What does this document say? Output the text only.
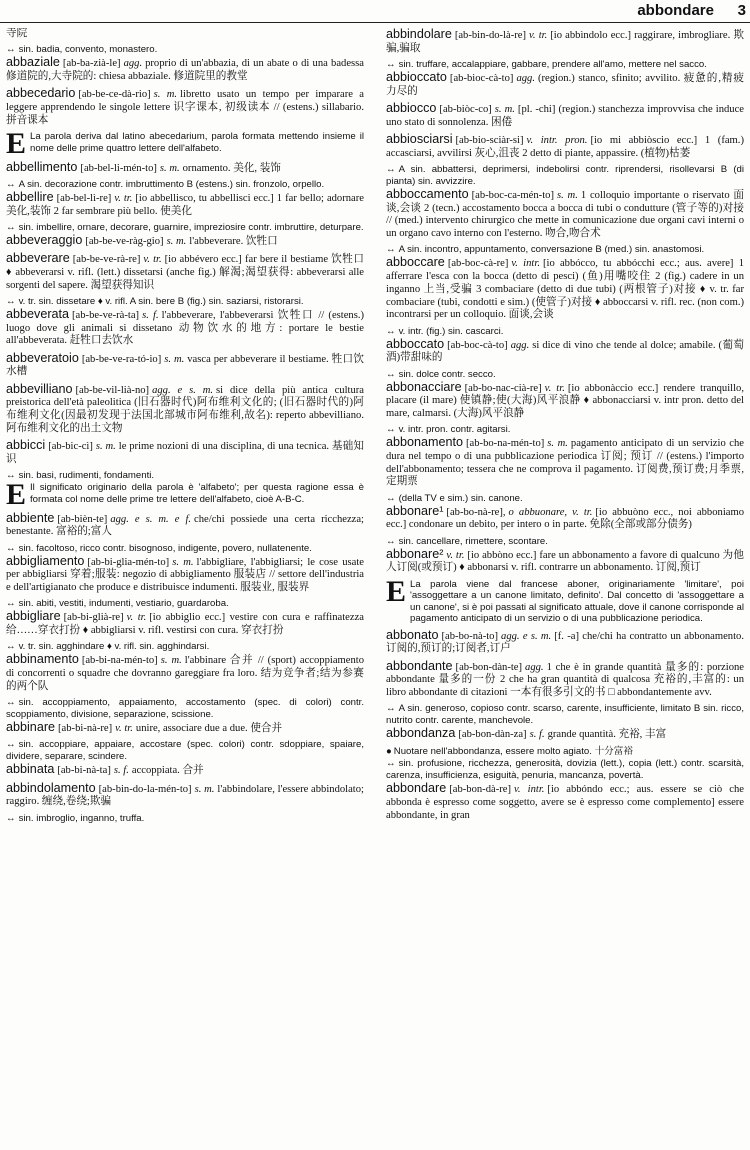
abbondare 3
寺院
↔ sin. badia, convento, monastero.
abbaziale [ab-ba-zià-le] agg. proprio di un'abbazia, di un abate o di una badessa 修道院的,大寺院的: chiesa abbaziale. 修道院里的教堂
abbecedario [ab-be-ce-dà-rio] s. m. libretto usato un tempo per imparare a leggere apprendendo le singole lettere 识字课本, 初级读本 // (estens.) sillabario. 拼音课本
E La parola deriva dal latino abecedarium, parola formata mettendo insieme il nome delle prime quattro lettere dell'alfabeto.
abbellimento [ab-bel-li-mén-to] s. m. ornamento. 美化, 装饰
↔ A sin. decorazione contr. imbruttimento B (estens.) sin. fronzolo, orpello.
abbellire [ab-bel-lì-re] v. tr. [io abbellisco, tu abbellisci ecc.] 1 far bello; adornare 美化,装饰 2 far sembrare più bello. 使美化
↔ sin. imbellire, ornare, decorare, guarnire, impreziosire contr. imbruttire, deturpare.
abbeveraggio [ab-be-ve-ràg-gio] s. m. l'abbeverare. 饮牲口
abbeverare [ab-be-ve-rà-re] v. tr. [io abbévero ecc.] far bere il bestiame 饮牲口 ♦ abbeverarsi v. rifl. (lett.) dissetarsi (anche fig.) 解渴;渴望获得: abbeverarsi alle sorgenti del sapere. 渴望获得知识
↔ v. tr. sin. dissetare ♦ v. rifl. A sin. bere B (fig.) sin. saziarsi, ristorarsi.
abbeverata [ab-be-ve-rà-ta] s. f. l'abbeverare, l'abbeverarsi 饮牲口 // (estens.) luogo dove gli animali si dissetano 动物饮水的地方: portare le bestie all'abbeverata. 赶牲口去饮水
abbeveratoio [ab-be-ve-ra-tó-io] s. m. vasca per abbeverare il bestiame. 牲口饮水槽
abbevilliano [ab-be-vil-lià-no] agg. e s. m. si dice della più antica cultura preistorica dell'età paleolitica (旧石器时代)阿布维利文化的; (旧石器时代的)阿布维利文化(因最初发现于法国北部城市阿布维利,故名): reperto abbevilliano. 阿布维利文化的出土文物
abbicci [ab-bic-cì] s. m. le prime nozioni di una disciplina, di una tecnica. 基础知识
↔ sin. basi, rudimenti, fondamenti.
E Il significato originario della parola è 'alfabeto'; per questa ragione essa è formata col nome delle prime tre lettere dell'alfabeto, cioè A-B-C.
abbiente [ab-bièn-te] agg. e s. m. e f. che/chi possiede una certa ricchezza; benestante. 富裕的;富人
↔ sin. facoltoso, ricco contr. bisognoso, indigente, povero, nullatenente.
abbigliamento [ab-bi-glia-mén-to] s. m. l'abbigliare, l'abbigliarsi; le cose usate per abbigliarsi 穿着;服装: negozio di abbigliamento 服装店 // settore dell'industria e dell'artigianato che produce e distribuisce indumenti. 服装业, 服装界
↔ sin. abiti, vestiti, indumenti, vestiario, guardaroba.
abbigliare [ab-bi-glià-re] v. tr. [io abbiglio ecc.] vestire con cura e raffinatezza 给……穿衣打扮 ♦ abbigliarsi v. rifl. vestirsi con cura. 穿衣打扮
↔ v. tr. sin. agghindare ♦ v. rifl. sin. agghindarsi.
abbinamento [ab-bi-na-mén-to] s. m. l'abbinare 合并 // (sport) accoppiamento di concorrenti o squadre che dovranno gareggiare fra loro. 结为竞争者;结为参赛的两个队
↔ sin. accoppiamento, appaiamento, accostamento (spec. di colori) contr. scoppiamento, divisione, separazione, scissione.
abbinare [ab-bi-nà-re] v. tr. unire, associare due a due. 使合并
↔ sin. accoppiare, appaiare, accostare (spec. colori) contr. sdoppiare, spaiare, dividere, separare, scindere.
abbinata [ab-bi-nà-ta] s. f. accoppiata. 合并
abbindolamento [ab-bin-do-la-mén-to] s. m. l'abbindolare, l'essere abbindolato; raggiro. 缠绕,卷绕;欺骗
↔ sin. imbroglio, inganno, truffa.
abbindolare [ab-bin-do-là-re] v. tr. [io abbìndolo ecc.] raggirare, imbrogliare. 欺骗,骗取
↔ sin. truffare, accalappiare, gabbare, prendere all'amo, mettere nel sacco.
abbioccato [ab-bioc-cà-to] agg. (region.) stanco, sfinito; avvilito. 疲惫的,精疲力尽的
abbiocco [ab-biòc-co] s. m. [pl. -chi] (region.) stanchezza improvvisa che induce uno stato di sonnolenza. 困倦
abbiosciarsi [ab-bio-sciàr-si] v. intr. pron. [io mi abbiòscio ecc.] 1 (fam.) accasciarsi, avvilirsi 灰心,沮丧 2 detto di piante, appassire. (植物)枯萎
↔ A sin. abbattersi, deprimersi, indebolirsi contr. riprendersi, risollevarsi B (di pianta) sin. avvizzire.
abboccamento [ab-boc-ca-mén-to] s. m. 1 colloquio importante o riservato 面谈,会谈 2 (tecn.) accostamento bocca a bocca di tubi o condutture (管子等的)对接 // (med.) intervento chirurgico che mette in comunicazione due organi cavi interni o un organo cavo interno con l'esterno. 吻合,吻合术
↔ A sin. incontro, appuntamento, conversazione B (med.) sin. anastomosi.
abboccare [ab-boc-cà-re] v. intr. [io abbócco, tu abbócchi ecc.; aus. avere] 1 afferrare l'esca con la bocca (detto di pesci) (鱼)用嘴咬住 2 (fig.) cadere in un inganno 上当,受骗 3 combaciare (detto di due tubi) (两根管子)对接 ♦ v. tr. far combaciare (tubi, condotti e sim.) (使管子)对接 ♦ abboccarsi v. rifl. rec. (non com.) incontrarsi per un colloquio. 面谈,会谈
↔ v. intr. (fig.) sin. cascarci.
abboccato [ab-boc-cà-to] agg. si dice di vino che tende al dolce; amabile. (葡萄酒)带甜味的
↔ sin. dolce contr. secco.
abbonacciare [ab-bo-nac-cià-re] v. tr. [io abbonàccio ecc.] rendere tranquillo, placare (il mare) 使镇静;使(大海)风平浪静 ♦ abbonacciarsi v. intr pron. detto del mare, calmarsi. (大海)风平浪静
↔ v. intr. pron. contr. agitarsi.
abbonamento [ab-bo-na-mén-to] s. m. pagamento anticipato di un servizio che dura nel tempo o di una pubblicazione periodica 订阅; 预订 // (estens.) l'importo dell'abbonamento; tessera che ne comprova il pagamento. 订阅费,预订费;月季票,定期票
↔ (della TV e sim.) sin. canone.
abbonare¹ [ab-bo-nà-re], o abbuonare, v. tr. [io abbuòno ecc., noi abboniamo ecc.] condonare un debito, per intero o in parte. 免除(全部或部分债务)
↔ sin. cancellare, rimettere, scontare.
abbonare² v. tr. [io abbòno ecc.] fare un abbonamento a favore di qualcuno 为他人订阅(或预订) ♦ abbonarsi v. rifl. contrarre un abbonamento. 订阅,预订
E La parola viene dal francese aboner, originariamente 'limitare', poi 'assoggettare a un canone limitato, definito'. Dal concetto di 'assoggettare a un canone', si è poi passati al significato attuale, dove il canone corrisponde al pagamento anticipato di un servizio o di una pubblicazione periodica.
abbonato [ab-bo-nà-to] agg. e s. m. [f. -a] che/chi ha contratto un abbonamento. 订阅的,预订的;订阅者,订户
abbondante [ab-bon-dàn-te] agg. 1 che è in grande quantità 量多的: porzione abbondante 量多的一份 2 che ha gran quantità di qualcosa 充裕的,丰富的: un libro abbondante di citazioni 一本有很多引文的书 □ abbondantemente avv.
↔ A sin. generoso, copioso contr. scarso, carente, insufficiente, limitato B sin. ricco, nutrito contr. carente, manchevole.
abbondanza [ab-bon-dàn-za] s. f. grande quantità. 充裕, 丰富
● Nuotare nell'abbondanza, essere molto agiato. 十分富裕
↔ sin. profusione, ricchezza, generosità, dovizia (lett.), copia (lett.) contr. scarsità, carenza, insufficienza, esiguità, penuria, mancanza, povertà.
abbondare [ab-bon-dà-re] v. intr. [io abbóndo ecc.; aus. essere se ciò che abbonda è espresso come soggetto, avere se è espresso come complemento] essere abbondante, in gran
